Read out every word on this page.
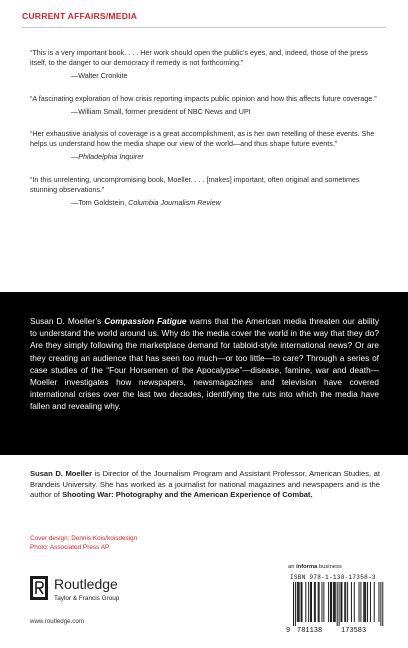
CURRENT AFFAIRS/MEDIA
“This is a very important book. . . . Her work should open the public’s eyes, and, indeed, those of the press itself, to the danger to our democracy if remedy is not forthcoming.”
—Walter Cronkite
“A fascinating exploration of how crisis reporting impacts public opinion and how this affects future coverage.”
—William Small, former president of NBC News and UPI
“Her exhaustive analysis of coverage is a great accomplishment, as is her own retelling of these events. She helps us understand how the media shape our view of the world—and thus shape future events.”
—Philadelphia Inquirer
“In this unrelenting, uncompromising book, Moeller. . . . [makes] important, often original and sometimes stunning observations.”
—Tom Goldstein, Columbia Journalism Review
Susan D. Moeller’s Compassion Fatigue warns that the American media threaten our ability to understand the world around us. Why do the media cover the world in the way that they do? Are they simply following the marketplace demand for tabloid-style international news? Or are they creating an audience that has seen too much—or too little—to care? Through a series of case studies of the “Four Horsemen of the Apocalypse”—disease, famine, war and death—Moeller investigates how newspapers, newsmagazines and television have covered international crises over the last two decades, identifying the ruts into which the media have fallen and revealing why.
Susan D. Moeller is Director of the Journalism Program and Assistant Professor, American Studies, at Brandeis University. She has worked as a journalist for national magazines and newspapers and is the author of Shooting War: Photography and the American Experience of Combat.
Cover design: Dennis Kois/koisdesign
Photo: Associated Press AP
Routledge
Taylor & Francis Group
www.routledge.com
an informa business
ISBN 978-1-138-17358-3
9 781138	173583
